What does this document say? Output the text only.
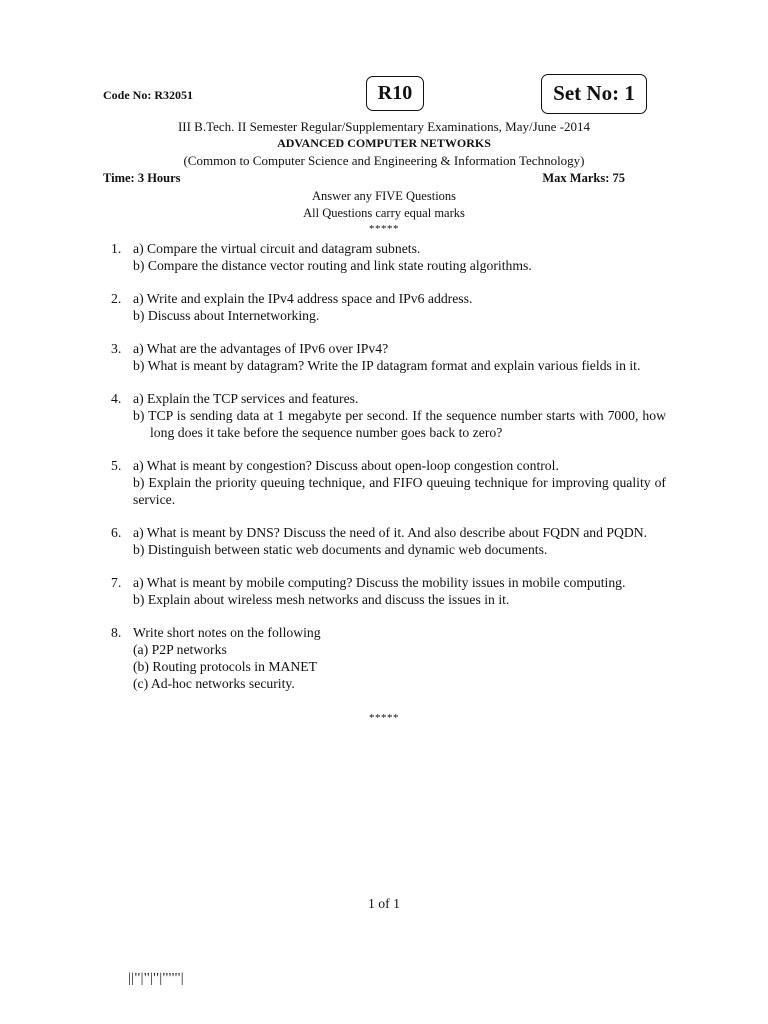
Code No: R32051	R10	Set No: 1
III B.Tech. II Semester Regular/Supplementary Examinations, May/June -2014
ADVANCED COMPUTER NETWORKS
(Common to Computer Science and Engineering & Information Technology)
Time: 3 Hours	Max Marks: 75
Answer any FIVE Questions
All Questions carry equal marks
*****
1. a) Compare the virtual circuit and datagram subnets.
b) Compare the distance vector routing and link state routing algorithms.
2. a) Write and explain the IPv4 address space and IPv6 address.
b) Discuss about Internetworking.
3. a) What are the advantages of IPv6 over IPv4?
b) What is meant by datagram? Write the IP datagram format and explain various fields in it.
4. a) Explain the TCP services and features.
b) TCP is sending data at 1 megabyte per second. If the sequence number starts with 7000, how long does it take before the sequence number goes back to zero?
5. a) What is meant by congestion? Discuss about open-loop congestion control.
b) Explain the priority queuing technique, and FIFO queuing technique for improving quality of service.
6. a) What is meant by DNS? Discuss the need of it. And also describe about FQDN and PQDN.
b) Distinguish between static web documents and dynamic web documents.
7. a) What is meant by mobile computing? Discuss the mobility issues in mobile computing.
b) Explain about wireless mesh networks and discuss the issues in it.
8. Write short notes on the following
(a) P2P networks
(b) Routing protocols in MANET
(c) Ad-hoc networks security.
*****
1 of 1
||''|''|''|''''''|
